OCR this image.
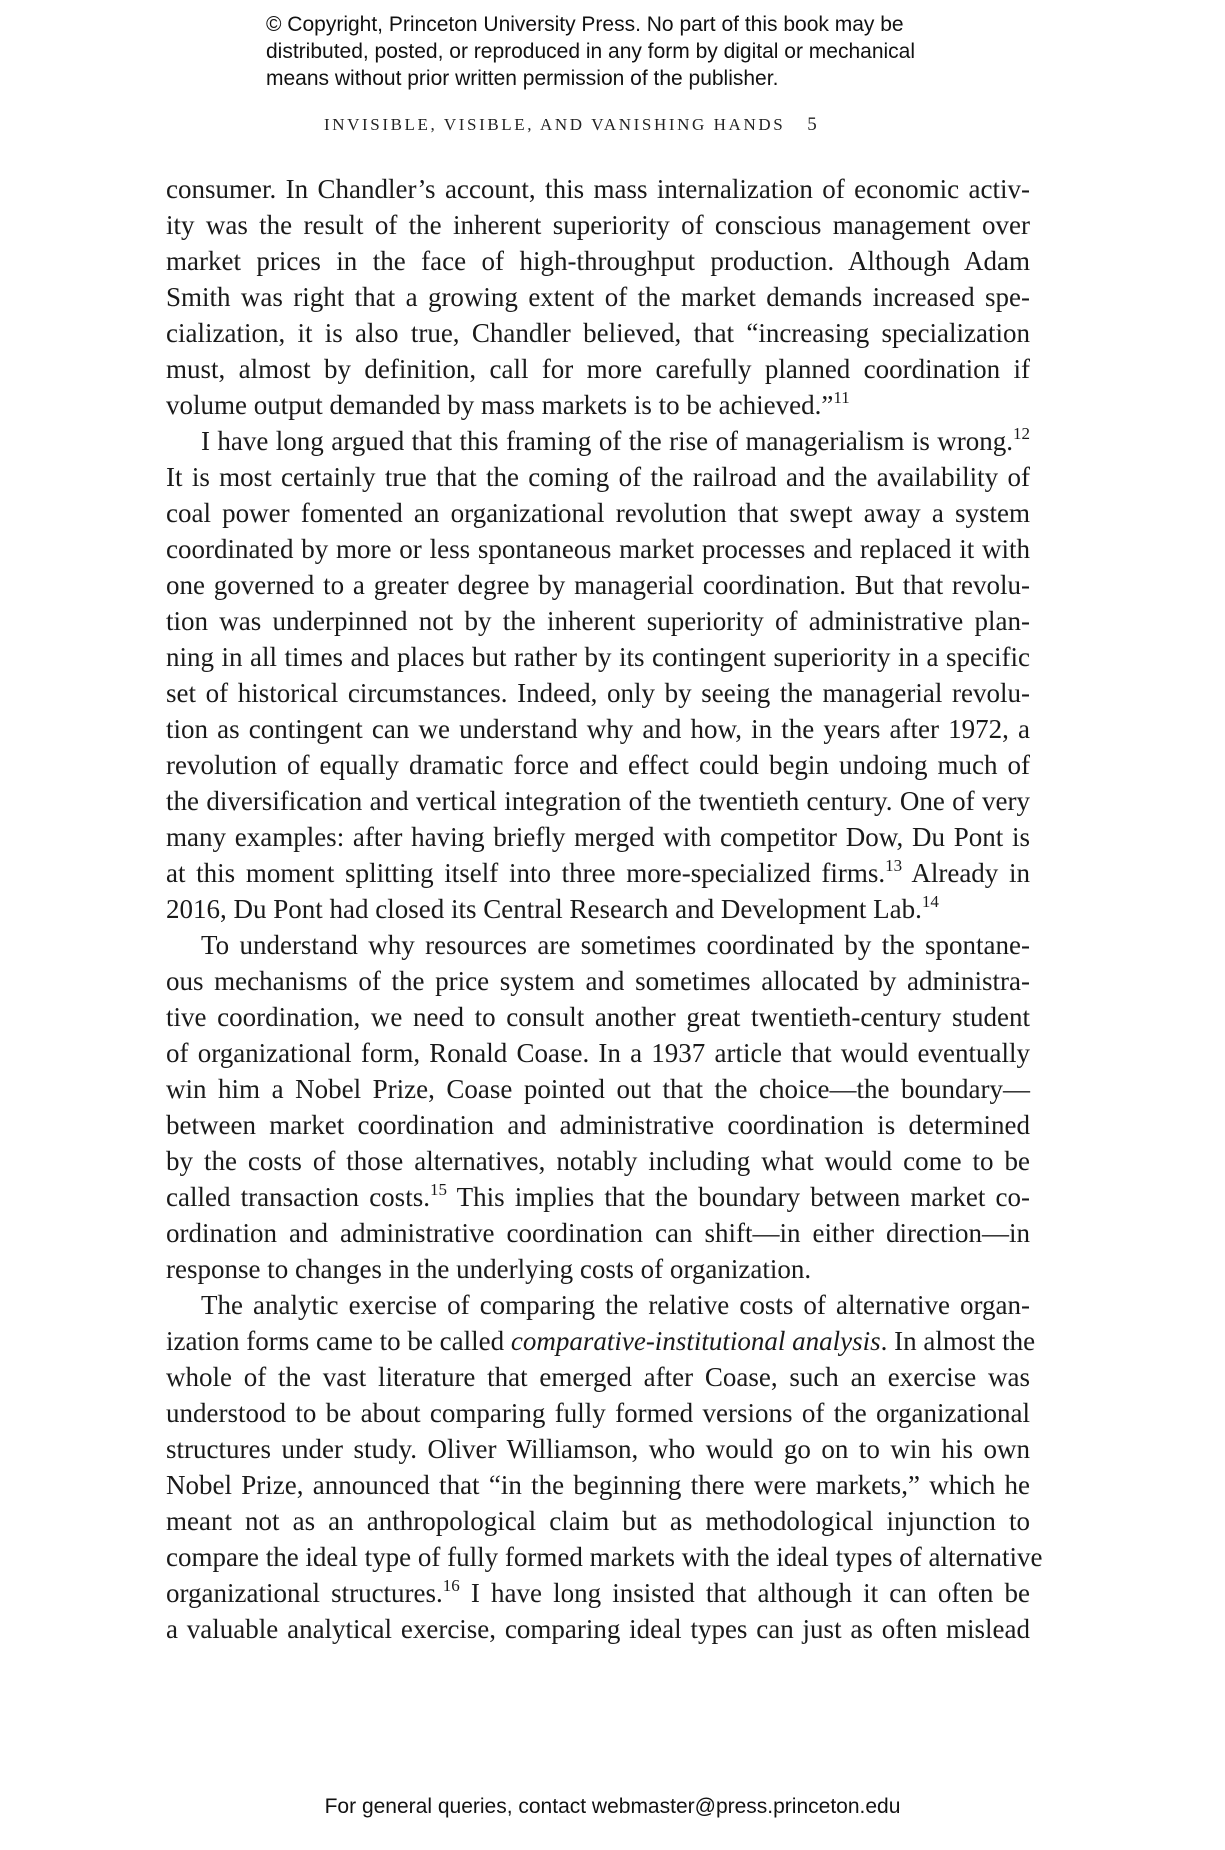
© Copyright, Princeton University Press. No part of this book may be
distributed, posted, or reproduced in any form by digital or mechanical
means without prior written permission of the publisher.
INVISIBLE, VISIBLE, AND VANISHING HANDS 5
consumer. In Chandler’s account, this mass internalization of economic activ-
ity was the result of the inherent superiority of conscious management over
market prices in the face of high-throughput production. Although Adam
Smith was right that a growing extent of the market demands increased spe-
cialization, it is also true, Chandler believed, that “increasing specialization
must, almost by definition, call for more carefully planned coordination if
volume output demanded by mass markets is to be achieved.”$^{11}$
I have long argued that this framing of the rise of managerialism is wrong.$^{12}$
It is most certainly true that the coming of the railroad and the availability of
coal power fomented an organizational revolution that swept away a system
coordinated by more or less spontaneous market processes and replaced it with
one governed to a greater degree by managerial coordination. But that revolu-
tion was underpinned not by the inherent superiority of administrative plan-
ning in all times and places but rather by its contingent superiority in a specific
set of historical circumstances. Indeed, only by seeing the managerial revolu-
tion as contingent can we understand why and how, in the years after 1972, a
revolution of equally dramatic force and effect could begin undoing much of
the diversification and vertical integration of the twentieth century. One of very
many examples: after having briefly merged with competitor Dow, Du Pont is
at this moment splitting itself into three more-specialized firms.$^{13}$ Already in
2016, Du Pont had closed its Central Research and Development Lab.$^{14}$
To understand why resources are sometimes coordinated by the spontane-
ous mechanisms of the price system and sometimes allocated by administra-
tive coordination, we need to consult another great twentieth-century student
of organizational form, Ronald Coase. In a 1937 article that would eventually
win him a Nobel Prize, Coase pointed out that the choice—the boundary—
between market coordination and administrative coordination is determined
by the costs of those alternatives, notably including what would come to be
called transaction costs.$^{15}$ This implies that the boundary between market co-
ordination and administrative coordination can shift—in either direction—in
response to changes in the underlying costs of organization.
The analytic exercise of comparing the relative costs of alternative organ-
ization forms came to be called comparative-institutional analysis. In almost the
whole of the vast literature that emerged after Coase, such an exercise was
understood to be about comparing fully formed versions of the organizational
structures under study. Oliver Williamson, who would go on to win his own
Nobel Prize, announced that “in the beginning there were markets,” which he
meant not as an anthropological claim but as methodological injunction to
compare the ideal type of fully formed markets with the ideal types of alternative
organizational structures.$^{16}$ I have long insisted that although it can often be
a valuable analytical exercise, comparing ideal types can just as often mislead
For general queries, contact webmaster@press.princeton.edu
